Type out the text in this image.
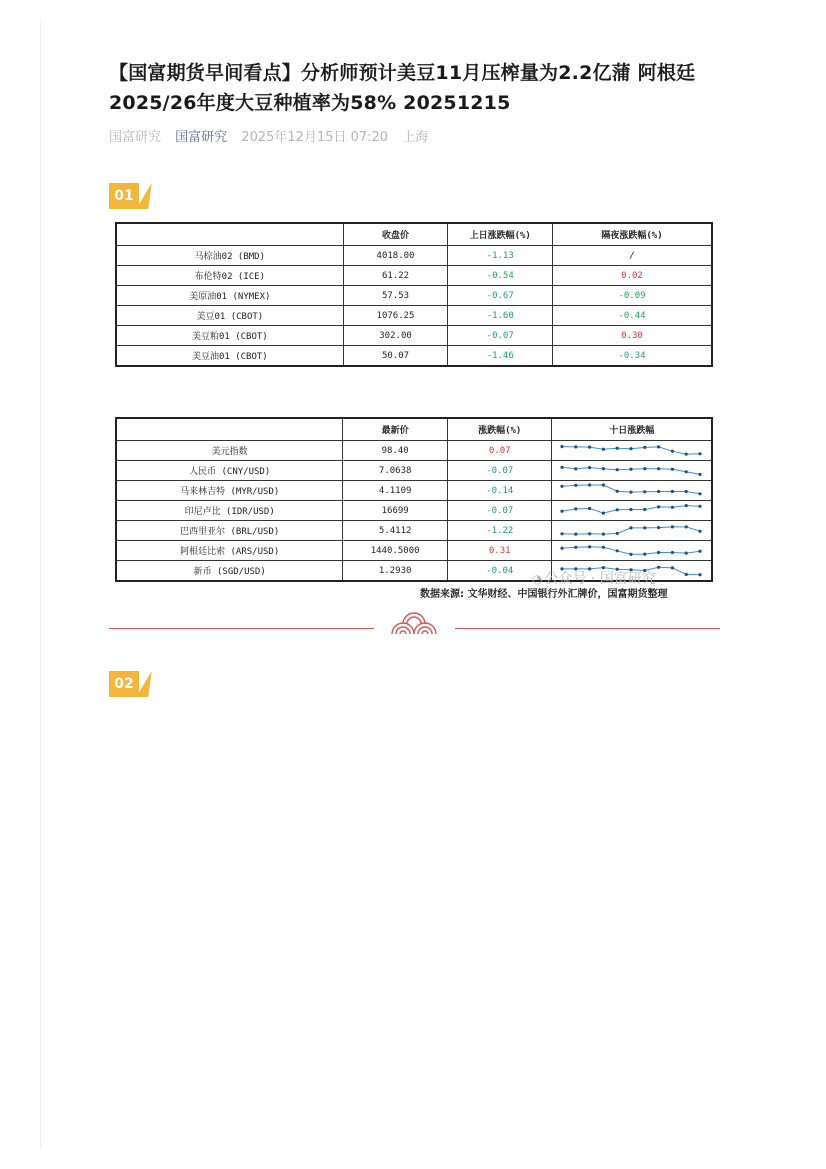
【国富期货早间看点】分析师预计美豆11月压榨量为2.2亿蒲 阿根廷2025/26年度大豆种植率为58% 20251215
国富研究 国富研究 2025年12月15日 07:20 上海
01
	收盘价	上日涨跌幅(%)	隔夜涨跌幅(%)
马棕油02 (BMD)	4018.00	-1.13	/
布伦特02 (ICE)	61.22	-0.54	0.02
美原油01 (NYMEX)	57.53	-0.67	-0.09
美豆01 (CBOT)	1076.25	-1.60	-0.44
美豆粕01 (CBOT)	302.00	-0.07	0.30
美豆油01 (CBOT)	50.07	-1.46	-0.34
	最新价	涨跌幅(%)	十日涨跌幅
美元指数	98.40	0.07	

人民币 (CNY/USD)	7.0638	-0.07	

马来林吉特 (MYR/USD)	4.1109	-0.14	

印尼卢比 (IDR/USD)	16699	-0.07	

巴西里亚尔 (BRL/USD)	5.4112	-1.22	

阿根廷比索 (ARS/USD)	1440.5000	0.31	

新币 (SGD/USD)	1.2930	-0.04	
◔ 公众号 · 国富研究
数据来源: 文华财经、中国银行外汇牌价，国富期货整理
02
